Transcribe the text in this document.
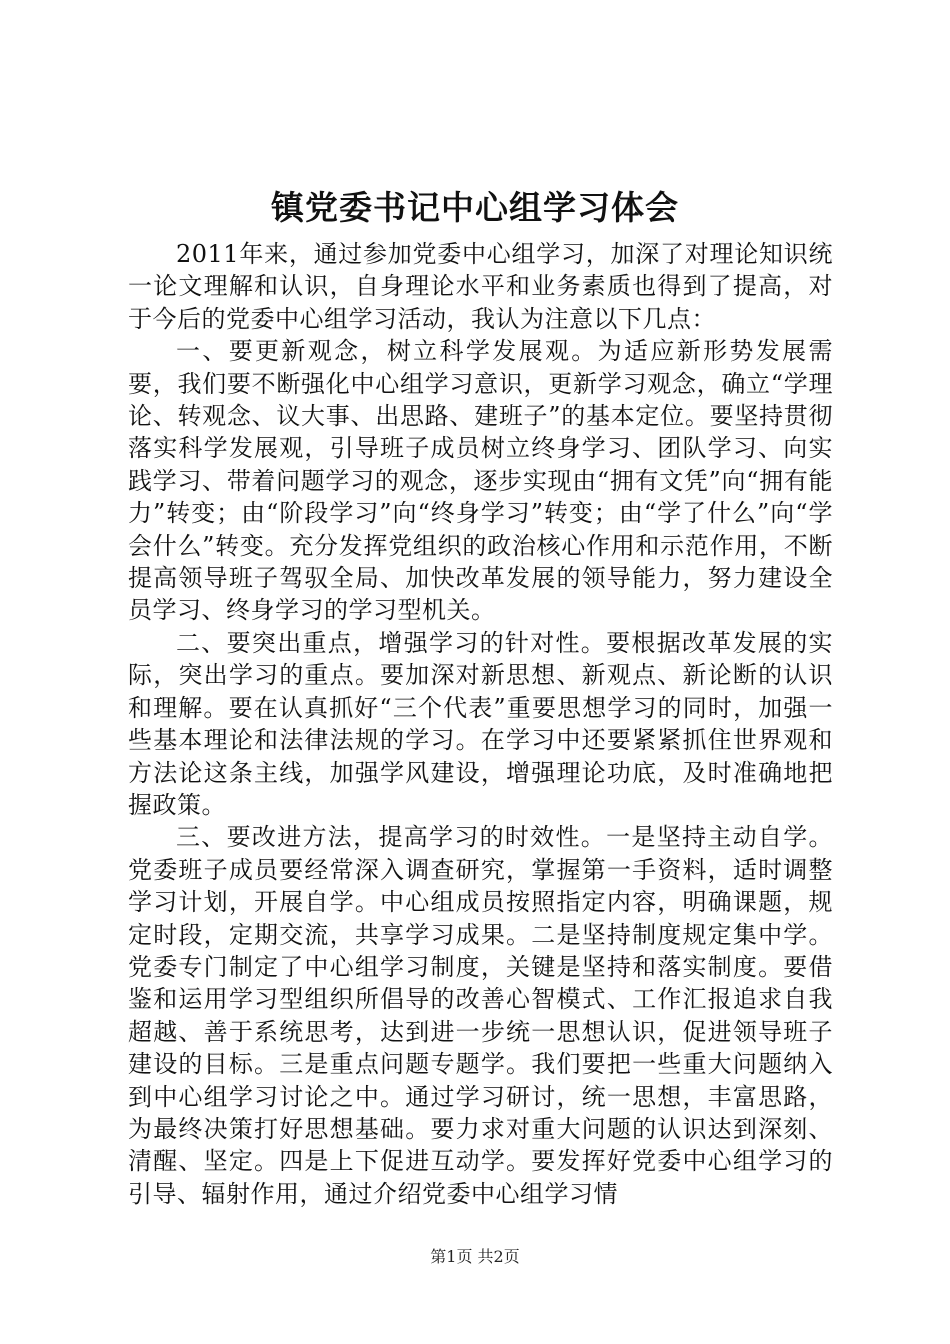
镇党委书记中心组学习体会

2011年来，通过参加党委中心组学习，加深了对理论知识统一论文理解和认识，自身理论水平和业务素质也得到了提高，对于今后的党委中心组学习活动，我认为注意以下几点：

一、要更新观念，树立科学发展观。为适应新形势发展需要，我们要不断强化中心组学习意识，更新学习观念，确立“学理论、转观念、议大事、出思路、建班子”的基本定位。要坚持贯彻落实科学发展观，引导班子成员树立终身学习、团队学习、向实践学习、带着问题学习的观念，逐步实现由“拥有文凭”向“拥有能力”转变；由“阶段学习”向“终身学习”转变；由“学了什么”向“学会什么”转变。充分发挥党组织的政治核心作用和示范作用，不断提高领导班子驾驭全局、加快改革发展的领导能力，努力建设全员学习、终身学习的学习型机关。

二、要突出重点，增强学习的针对性。要根据改革发展的实际，突出学习的重点。要加深对新思想、新观点、新论断的认识和理解。要在认真抓好“三个代表”重要思想学习的同时，加强一些基本理论和法律法规的学习。在学习中还要紧紧抓住世界观和方法论这条主线，加强学风建设，增强理论功底，及时准确地把握政策。

三、要改进方法，提高学习的时效性。一是坚持主动自学。党委班子成员要经常深入调查研究，掌握第一手资料，适时调整学习计划，开展自学。中心组成员按照指定内容，明确课题，规定时段，定期交流，共享学习成果。二是坚持制度规定集中学。党委专门制定了中心组学习制度，关键是坚持和落实制度。要借鉴和运用学习型组织所倡导的改善心智模式、工作汇报追求自我超越、善于系统思考，达到进一步统一思想认识，促进领导班子建设的目标。三是重点问题专题学。我们要把一些重大问题纳入到中心组学习讨论之中。通过学习研讨，统一思想，丰富思路，为最终决策打好思想基础。要力求对重大问题的认识达到深刻、清醒、坚定。四是上下促进互动学。要发挥好党委中心组学习的引导、辐射作用，通过介绍党委中心组学习情

第1页 共2页
